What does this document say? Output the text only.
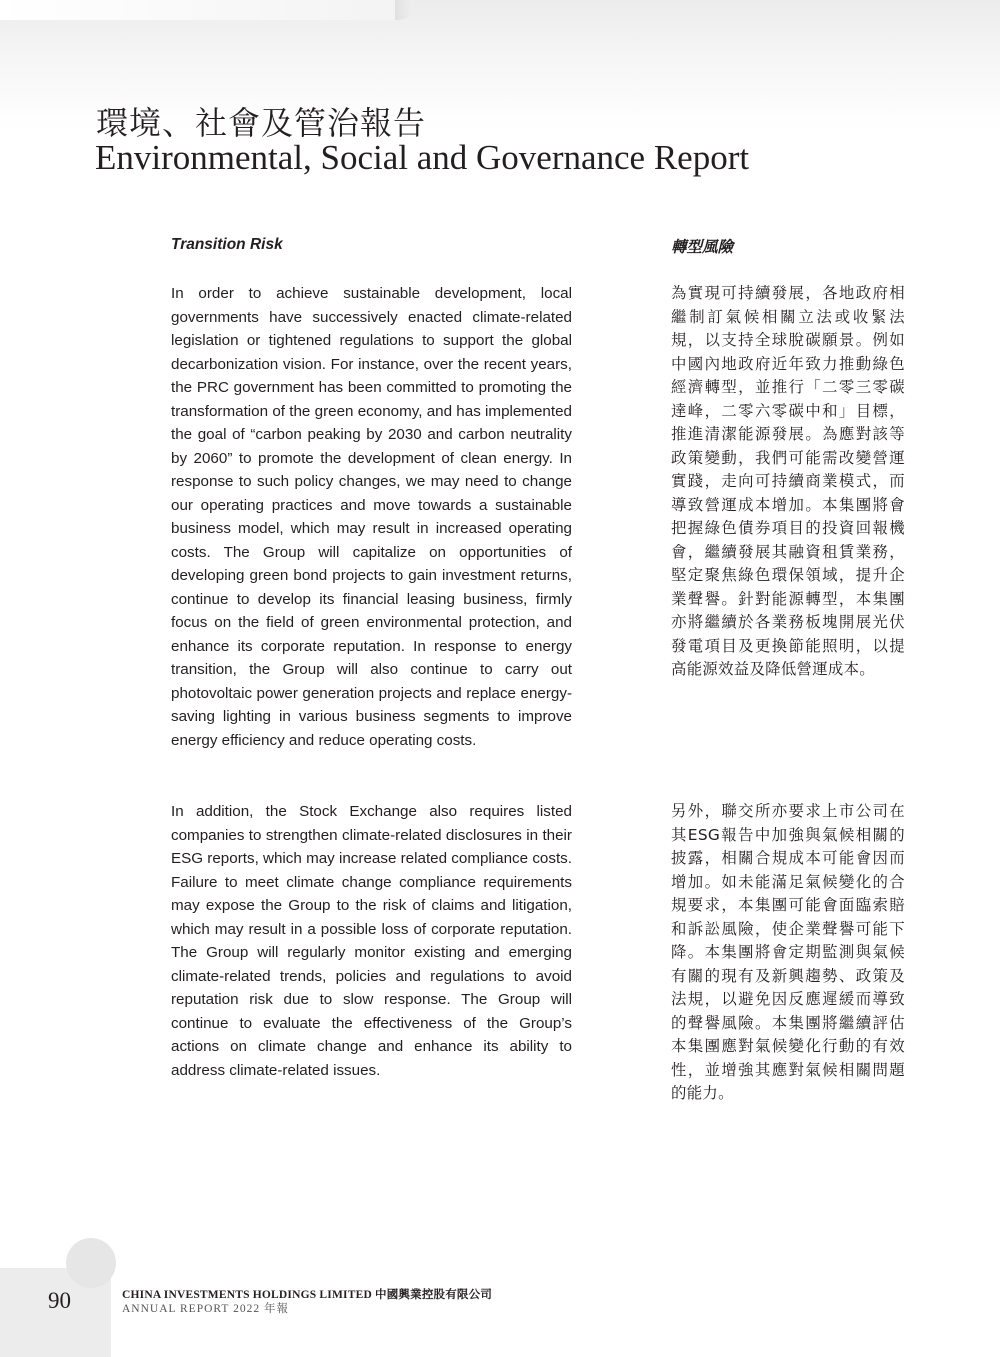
環境、社會及管治報告
Environmental, Social and Governance Report
Transition Risk	轉型風險

In order to achieve sustainable development, local governments have successively enacted climate-related legislation or tightened regulations to support the global decarbonization vision. For instance, over the recent years, the PRC government has been committed to promoting the transformation of the green economy, and has implemented the goal of “carbon peaking by 2030 and carbon neutrality by 2060” to promote the development of clean energy. In response to such policy changes, we may need to change our operating practices and move towards a sustainable business model, which may result in increased operating costs. The Group will capitalize on opportunities of developing green bond projects to gain investment returns, continue to develop its financial leasing business, firmly focus on the field of green environmental protection, and enhance its corporate reputation. In response to energy transition, the Group will also continue to carry out photovoltaic power generation projects and replace energy-saving lighting in various business segments to improve energy efficiency and reduce operating costs.

In addition, the Stock Exchange also requires listed companies to strengthen climate-related disclosures in their ESG reports, which may increase related compliance costs. Failure to meet climate change compliance requirements may expose the Group to the risk of claims and litigation, which may result in a possible loss of corporate reputation. The Group will regularly monitor existing and emerging climate-related trends, policies and regulations to avoid reputation risk due to slow response. The Group will continue to evaluate the effectiveness of the Group’s actions on climate change and enhance its ability to address climate-related issues.

為實現可持續發展，各地政府相繼制訂氣候相關立法或收緊法規，以支持全球脫碳願景。例如中國內地政府近年致力推動綠色經濟轉型，並推行「二零三零碳達峰，二零六零碳中和」目標，推進清潔能源發展。為應對該等政策變動，我們可能需改變營運實踐，走向可持續商業模式，而導致營運成本增加。本集團將會把握綠色債券項目的投資回報機會，繼續發展其融資租賃業務，堅定聚焦綠色環保領域，提升企業聲譽。針對能源轉型，本集團亦將繼續於各業務板塊開展光伏發電項目及更換節能照明，以提高能源效益及降低營運成本。

另外，聯交所亦要求上市公司在其ESG報告中加強與氣候相關的披露，相關合規成本可能會因而增加。如未能滿足氣候變化的合規要求，本集團可能會面臨索賠和訴訟風險，使企業聲譽可能下降。本集團將會定期監測與氣候有關的現有及新興趨勢、政策及法規，以避免因反應遲緩而導致的聲譽風險。本集團將繼續評估本集團應對氣候變化行動的有效性，並增強其應對氣候相關問題的能力。

90	CHINA INVESTMENTS HOLDINGS LIMITED 中國興業控股有限公司
ANNUAL REPORT 2022 年報
